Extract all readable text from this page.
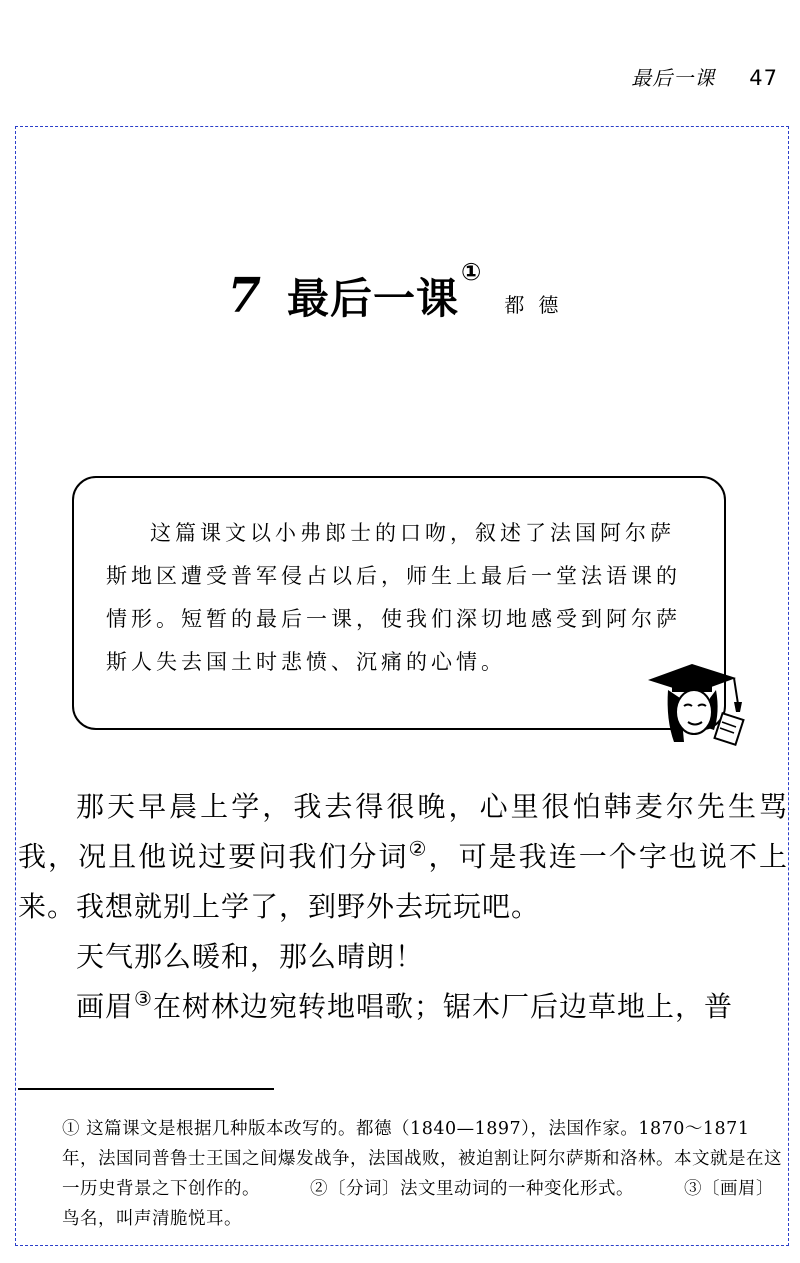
最后一课 47
7 最后一课①
都德

这篇课文以小弗郎士的口吻，叙述了法国阿尔萨斯地区遭受普军侵占以后，师生上最后一堂法语课的情形。短暂的最后一课，使我们深切地感受到阿尔萨斯人失去国土时悲愤、沉痛的心情。

那天早晨上学，我去得很晚，心里很怕韩麦尔先生骂我，况且他说过要问我们分词②，可是我连一个字也说不上来。我想就别上学了，到野外去玩玩吧。

天气那么暖和，那么晴朗！

画眉③在树林边宛转地唱歌；锯木厂后边草地上，普

① 这篇课文是根据几种版本改写的。都德（1840—1897），法国作家。1870～1871 年，法国同普鲁士王国之间爆发战争，法国战败，被迫割让阿尔萨斯和洛林。本文就是在这一历史背景之下创作的。	②〔分词〕法文里动词的一种变化形式。	③〔画眉〕鸟名，叫声清脆悦耳。
